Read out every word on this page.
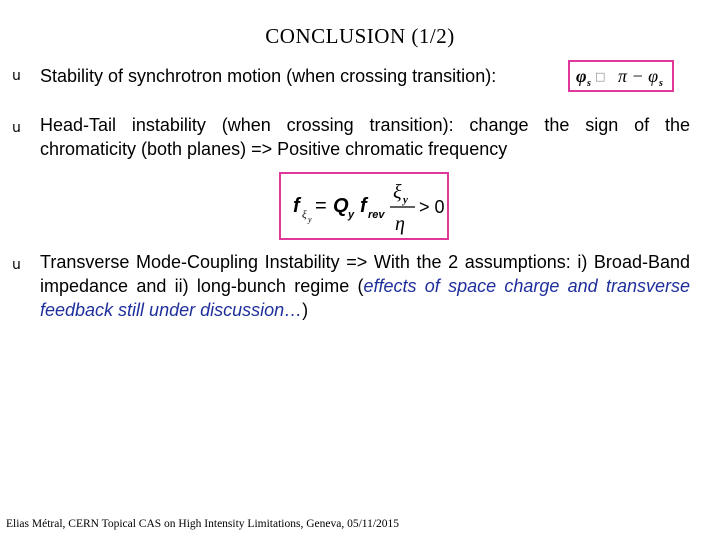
CONCLUSION (1/2)
u Stability of synchrotron motion (when crossing transition):	φ s
□ π − φ s
u Head-Tail instability (when crossing transition): change the sign of the chromaticity (both planes) => Positive chromatic frequency
f ξ y
= Q y f rev
ξ y
η
> 0
u Transverse Mode-Coupling Instability => With the 2 assumptions: i) Broad-Band impedance and ii) long-bunch regime (effects of space charge and transverse feedback still under discussion…)
Elias Métral, CERN Topical CAS on High Intensity Limitations, Geneva, 05/11/2015
